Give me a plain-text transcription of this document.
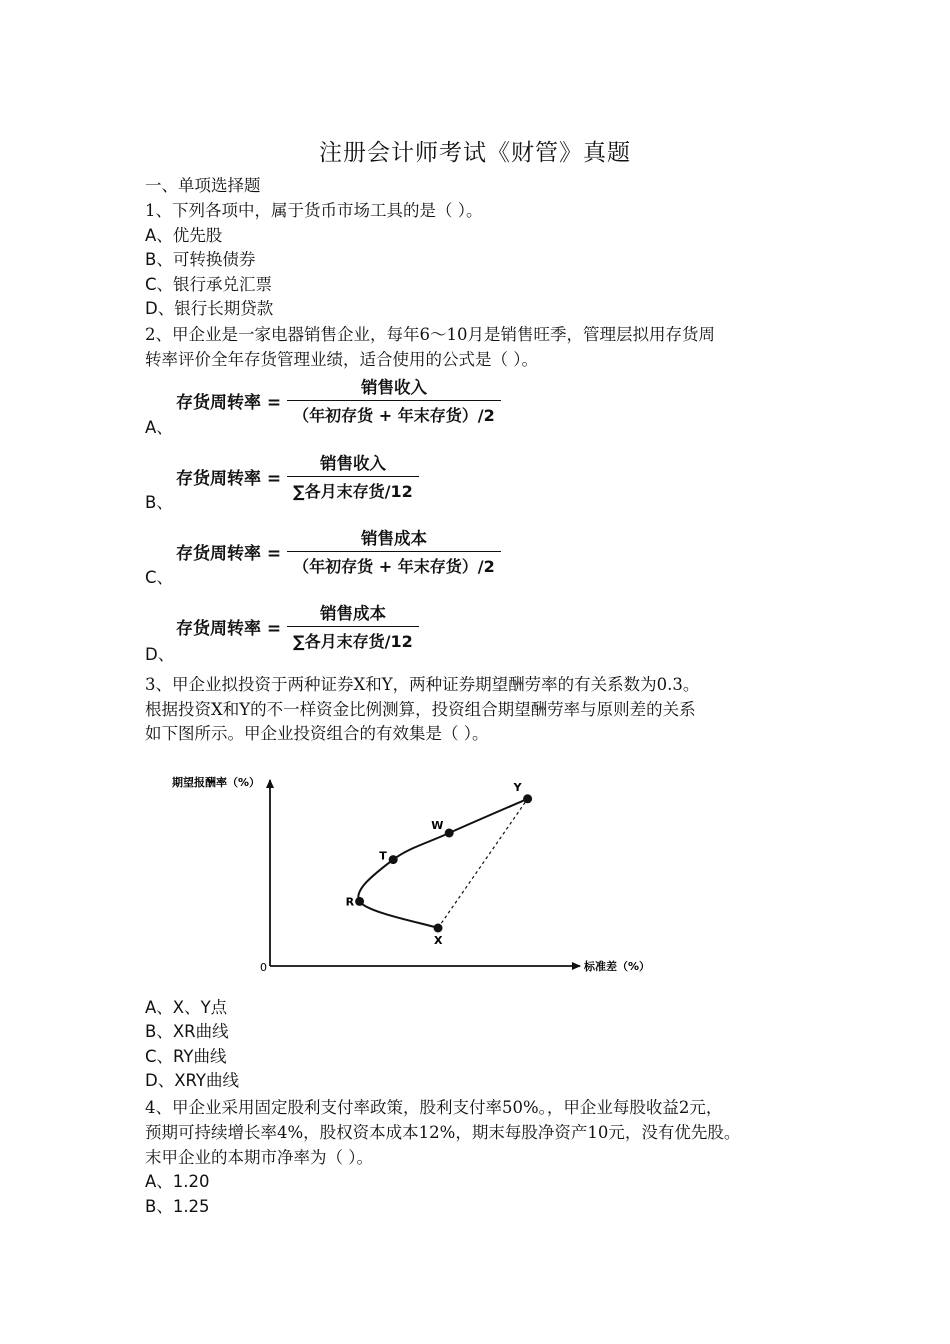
注册会计师考试《财管》真题
一、单项选择题
1、下列各项中，属于货币市场工具的是（ ）。
A、优先股
B、可转换债券
C、银行承兑汇票
D、银行长期贷款
2、甲企业是一家电器销售企业，每年6～10月是销售旺季，管理层拟用存货周
转率评价全年存货管理业绩，适合使用的公式是（ ）。
存货周转率 = $\frac{\text{销售收入}}{\text{（年初存货 + 年末存货）/2}}$
A、
存货周转率 = $\frac{\text{销售收入}}{\text{∑各月末存货/12}}$
B、
存货周转率 = $\frac{\text{销售成本}}{\text{（年初存货 + 年末存货）/2}}$
C、
存货周转率 = $\frac{\text{销售成本}}{\text{∑各月末存货/12}}$
D、
3、甲企业拟投资于两种证券X和Y，两种证券期望酬劳率的有关系数为0.3。
根据投资X和Y的不一样资金比例测算，投资组合期望酬劳率与原则差的关系
如下图所示。甲企业投资组合的有效集是（ ）。
期望报酬率（%）
标准差（%）
0
X
R
T
W
Y
A、X、Y点
B、XR曲线
C、RY曲线
D、XRY曲线
4、甲企业采用固定股利支付率政策，股利支付率50%。，甲企业每股收益2元，
预期可持续增长率4%，股权资本成本12%，期末每股净资产10元，没有优先股。
末甲企业的本期市净率为（ ）。
A、1.20
B、1.25
